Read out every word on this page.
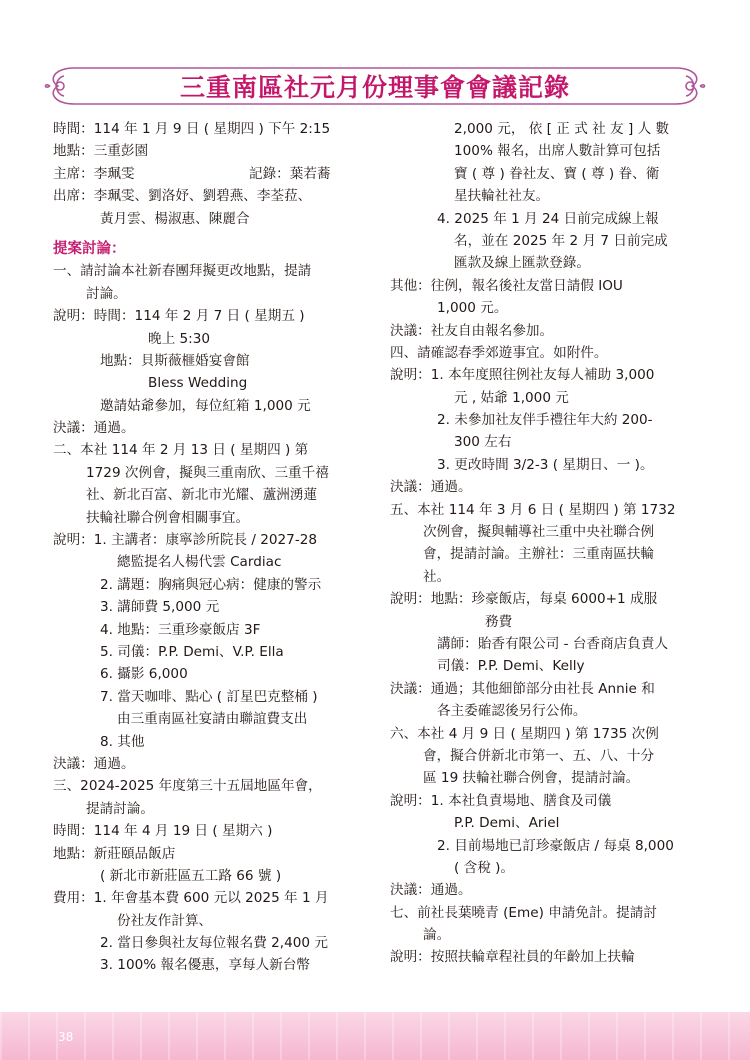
三重南區社元月份理事會會議記錄
時間：114 年 1 月 9 日 ( 星期四 ) 下午 2:15
地點：三重彭園
主席：李珮雯	記錄：葉若蕎
出席：李珮雯、劉洛妤、劉碧燕、李荃菈、
黃月雲、楊淑惠、陳麗合
提案討論：
一、請討論本社新春團拜擬更改地點，提請
討論。
說明：時間：114 年 2 月 7 日 ( 星期五 )
晚上 5:30
地點：貝斯薇榧婚宴會館
Bless Wedding
邀請姑爺參加，每位紅箱 1,000 元
決議：通過。
二、本社 114 年 2 月 13 日 ( 星期四 ) 第
1729 次例會，擬與三重南欣、三重千禧
社、新北百富、新北市光耀、蘆洲湧蓮
扶輪社聯合例會相關事宜。
說明：1. 主講者：康寧診所院長 / 2027-28
總監提名人楊代雲 Cardiac
2. 講題：胸痛與冠心病：健康的警示
3. 講師費 5,000 元
4. 地點：三重珍豪飯店 3F
5. 司儀：P.P. Demi、V.P. Ella
6. 攝影 6,000
7. 當天咖啡、點心 ( 訂星巴克整桶 )
由三重南區社宴請由聯誼費支出
8. 其他
決議：通過。
三、2024-2025 年度第三十五屆地區年會，
提請討論。
時間：114 年 4 月 19 日 ( 星期六 )
地點：新莊頤品飯店
( 新北市新莊區五工路 66 號 )
費用：1. 年會基本費 600 元以 2025 年 1 月
份社友作計算、
2. 當日參與社友每位報名費 2,400 元
3. 100% 報名優惠，享每人新台幣
2,000 元， 依 [ 正 式 社 友 ] 人 數
100% 報名，出席人數計算可包括
寶 ( 尊 ) 眷社友、寶 ( 尊 ) 眷、衛
星扶輪社社友。
4. 2025 年 1 月 24 日前完成線上報
名，並在 2025 年 2 月 7 日前完成
匯款及線上匯款登錄。
其他：往例，報名後社友當日請假 IOU
1,000 元。
決議：社友自由報名參加。
四、請確認春季郊遊事宜。如附件。
說明：1. 本年度照往例社友每人補助 3,000
元 , 姑爺 1,000 元
2. 未參加社友伴手禮往年大約 200-
300 左右
3. 更改時間 3/2-3 ( 星期日、一 )。
決議：通過。
五、本社 114 年 3 月 6 日 ( 星期四 ) 第 1732
次例會，擬與輔導社三重中央社聯合例
會，提請討論。主辦社：三重南區扶輪
社。
說明：地點：珍豪飯店，每桌 6000+1 成服
務費
講師：貽香有限公司 - 台香商店負責人
司儀：P.P. Demi、Kelly
決議：通過；其他細節部分由社長 Annie 和
各主委確認後另行公佈。
六、本社 4 月 9 日 ( 星期四 ) 第 1735 次例
會，擬合併新北市第一、五、八、十分
區 19 扶輪社聯合例會，提請討論。
說明：1. 本社負責場地、膳食及司儀
P.P. Demi、Ariel
2. 目前場地已訂珍豪飯店 / 每桌 8,000
( 含稅 )。
決議：通過。
七、前社長葉曉青 (Eme) 申請免計。提請討
論。
說明：按照扶輪章程社員的年齡加上扶輪
38
